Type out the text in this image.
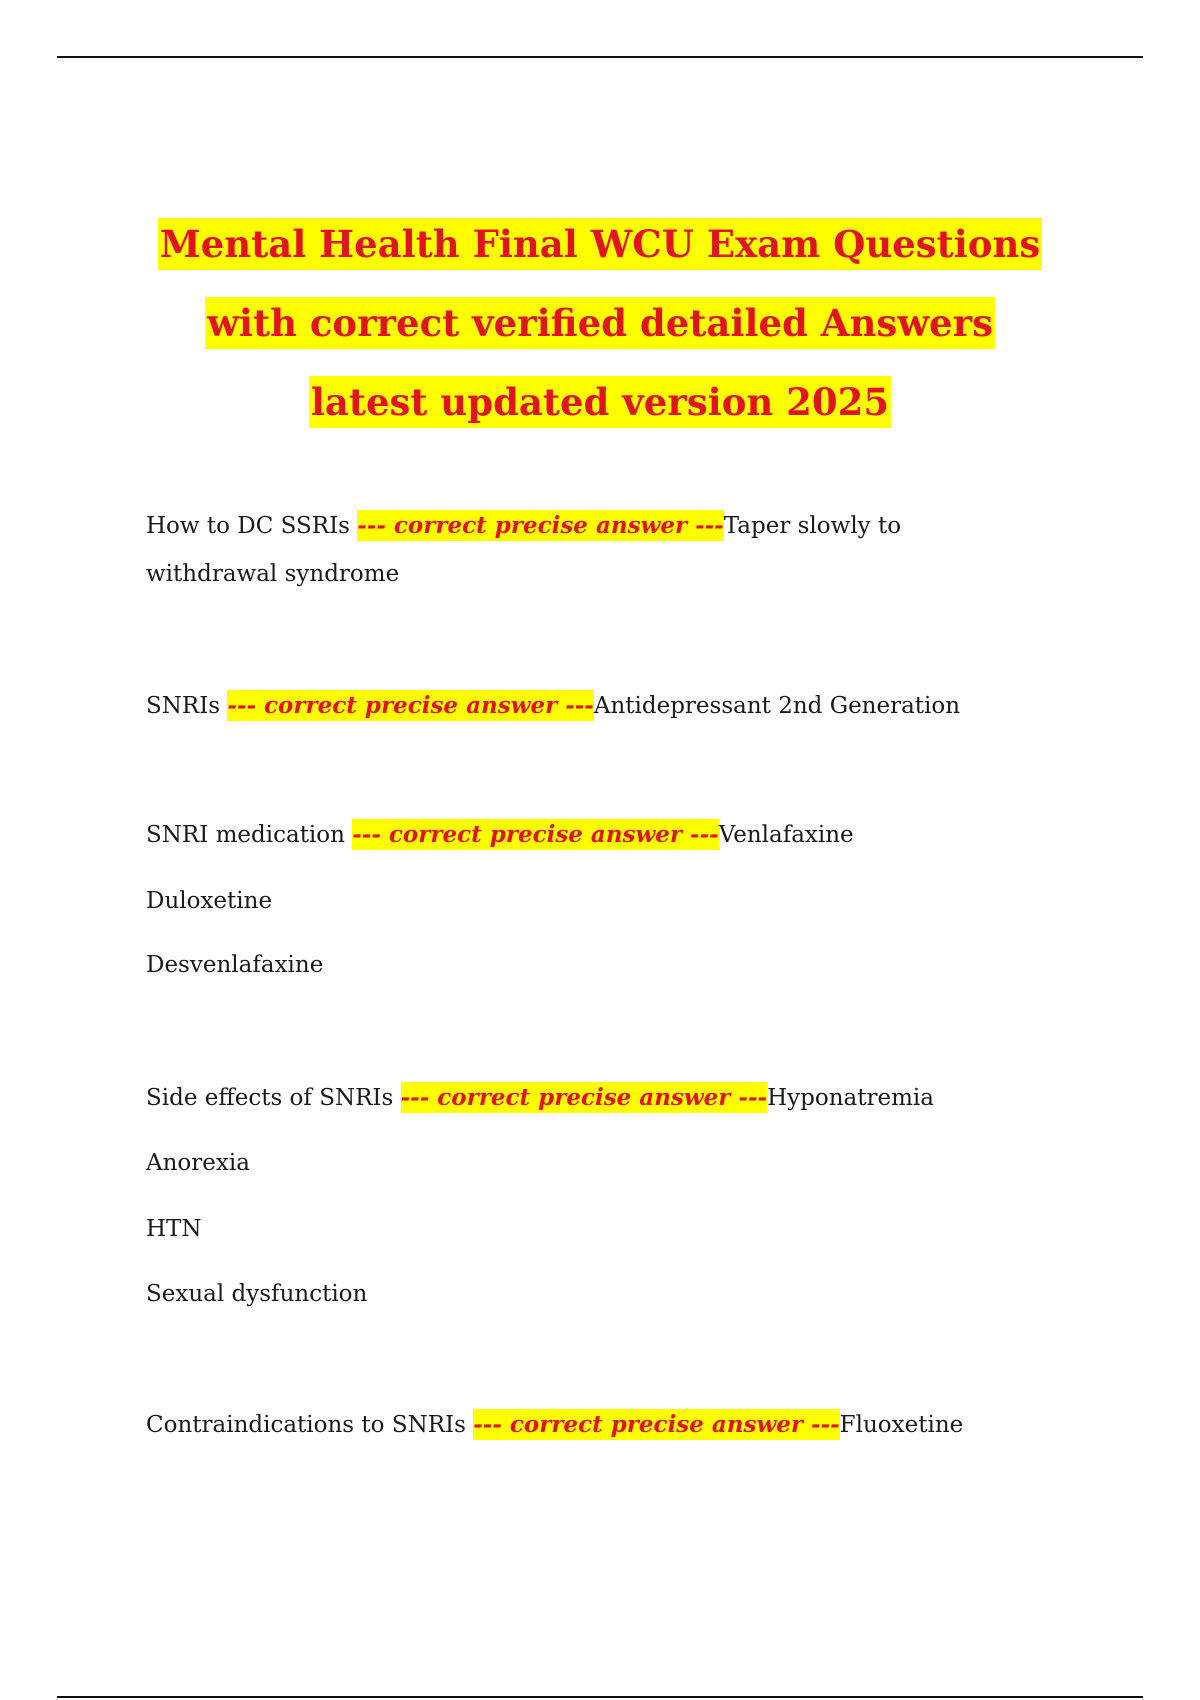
Mental Health Final WCU Exam Questions
with correct verified detailed Answers
latest updated version 2025
How to DC SSRIs --- correct precise answer ---Taper slowly to
withdrawal syndrome
SNRIs --- correct precise answer ---Antidepressant 2nd Generation
SNRI medication --- correct precise answer ---Venlafaxine
Duloxetine
Desvenlafaxine
Side effects of SNRIs --- correct precise answer ---Hyponatremia
Anorexia
HTN
Sexual dysfunction
Contraindications to SNRIs --- correct precise answer ---Fluoxetine
